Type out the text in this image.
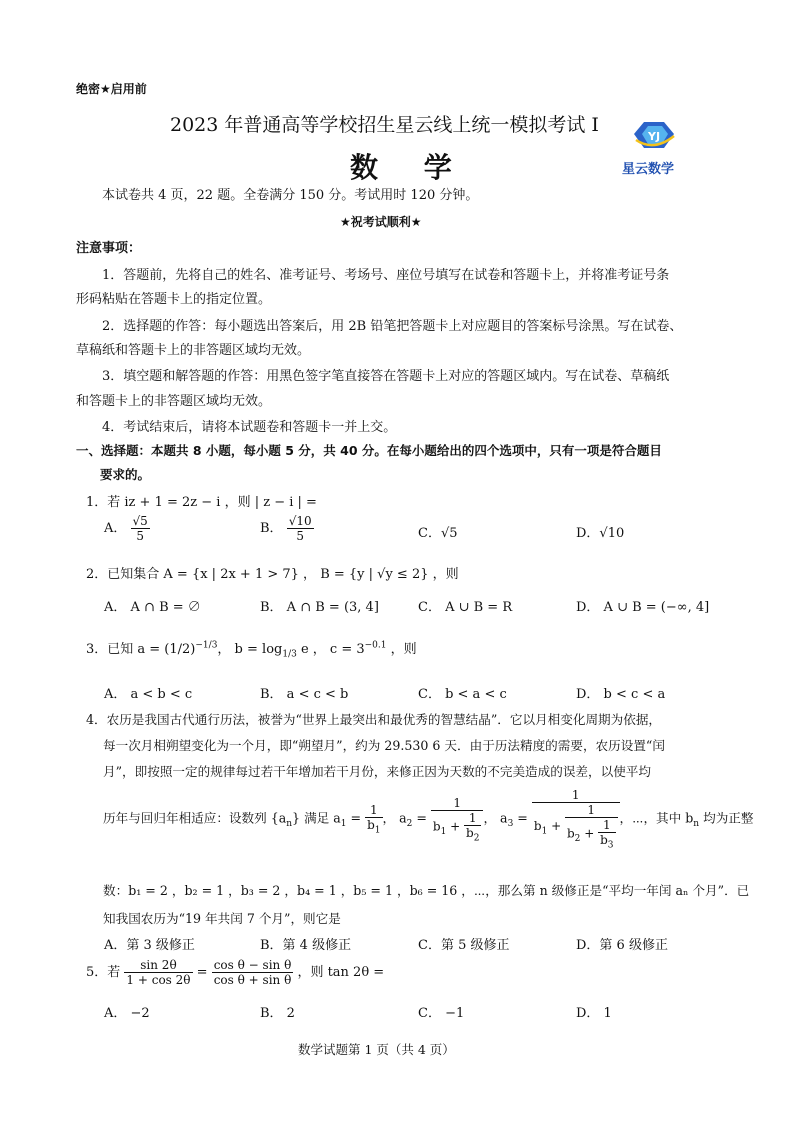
绝密★启用前
2023 年普通高等学校招生星云线上统一模拟考试 I
数 学
YJ
星云数学
本试卷共 4 页，22 题。全卷满分 150 分。考试用时 120 分钟。
★祝考试顺利★
注意事项：
1．答题前，先将自己的姓名、准考证号、考场号、座位号填写在试卷和答题卡上，并将准考证号条
形码粘贴在答题卡上的指定位置。
2．选择题的作答：每小题选出答案后，用 2B 铅笔把答题卡上对应题目的答案标号涂黑。写在试卷、
草稿纸和答题卡上的非答题区域均无效。
3．填空题和解答题的作答：用黑色签字笔直接答在答题卡上对应的答题区域内。写在试卷、草稿纸
和答题卡上的非答题区域均无效。
4．考试结束后，请将本试题卷和答题卡一并上交。
一、选择题：本题共 8 小题，每小题 5 分，共 40 分。在每小题给出的四个选项中，只有一项是符合题目
要求的。
1．若 iz + 1 = 2z − i ，则 | z − i | =
A． $\frac{√5}{5}$	B． $\frac{√10}{5}$	C．√5	D．√10
2．已知集合 A = {x | 2x + 1 > 7} ， B = {y | √y ≤ 2} ，则
A． A ∩ B = ∅	B． A ∩ B = (3, 4]	C． A ∪ B = R	D． A ∪ B = (−∞, 4]
3．已知 $a = (1/2)^{-1/3}$， $b = \log_{1/3} e$ ， $c = 3^{-0.1}$ ，则
A． a < b < c	B． a < c < b	C． b < a < c	D． b < c < a
4．农历是我国古代通行历法，被誉为“世界上最突出和最优秀的智慧结晶”．它以月相变化周期为依据，
每一次月相朔望变化为一个月，即“朔望月”，约为 29.530 6 天．由于历法精度的需要，农历设置“闰
月”，即按照一定的规律每过若干年增加若干月份，来修正因为天数的不完美造成的误差，以使平均
历年与回归年相适应：设数列 $\{a_n\}$ 满足 $a_1 = \frac{1}{b_1}$ ， $a_2 = \frac{1}{b_1 + \frac{1}{b_2}}$ ， $a_3 = \frac{1}{b_1 + \frac{1}{b_2 + \frac{1}{b_3}}}$ ，⋯，其中 $b_n$ 均为正整
数：b₁ = 2 ，b₂ = 1 ，b₃ = 2 ，b₄ = 1 ，b₅ = 1 ，b₆ = 16 ，⋯，那么第 n 级修正是“平均一年闰 aₙ 个月”．已
知我国农历为“19 年共闰 7 个月”，则它是
A．第 3 级修正	B．第 4 级修正	C．第 5 级修正	D．第 6 级修正
5．若 $\frac{\sin 2\theta}{1 + \cos 2\theta} = \frac{\text{cos θ − sin θ}}{\text{cos θ + sin θ}}$ ，则 tan 2θ =
A． −2	B． 2	C． −1	D． 1
数学试题第 1 页（共 4 页）
